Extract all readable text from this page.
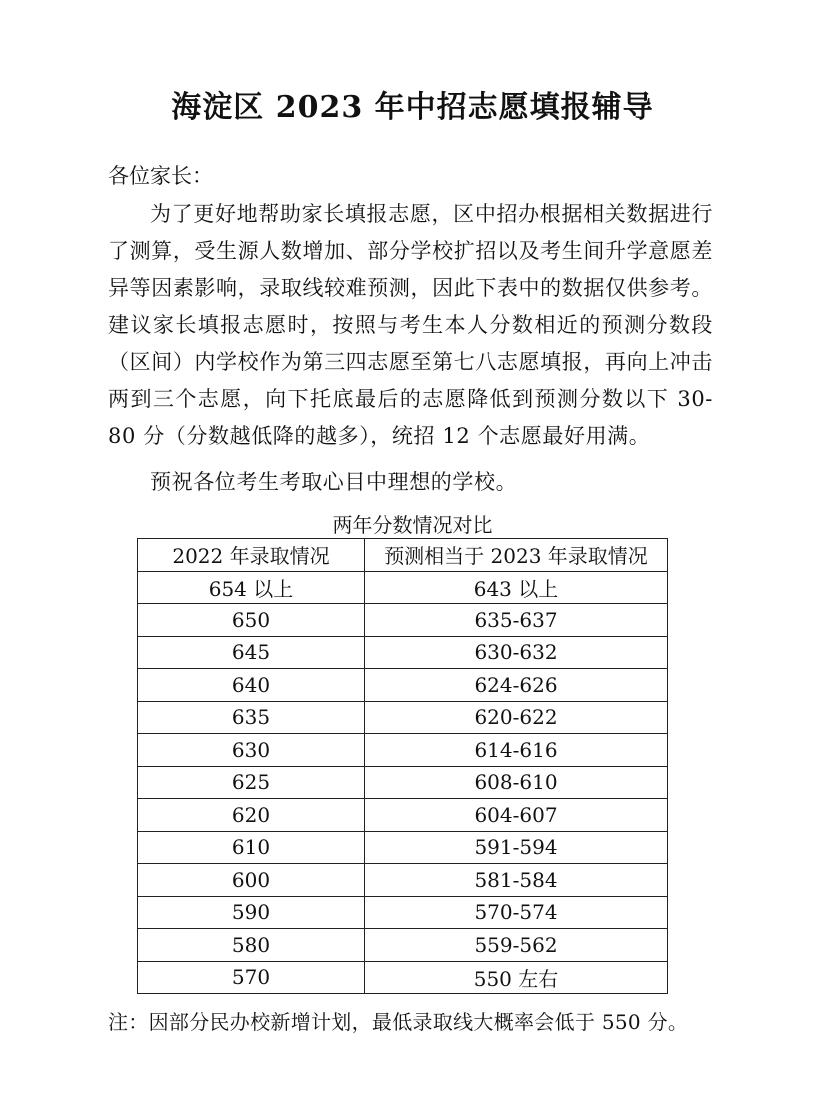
海淀区 2023 年中招志愿填报辅导
各位家长：

为了更好地帮助家长填报志愿，区中招办根据相关数据进行了测算，受生源人数增加、部分学校扩招以及考生间升学意愿差异等因素影响，录取线较难预测，因此下表中的数据仅供参考。建议家长填报志愿时，按照与考生本人分数相近的预测分数段（区间）内学校作为第三四志愿至第七八志愿填报，再向上冲击两到三个志愿，向下托底最后的志愿降低到预测分数以下 30-80 分（分数越低降的越多），统招 12 个志愿最好用满。

预祝各位考生考取心目中理想的学校。
两年分数情况对比
2022 年录取情况	预测相当于 2023 年录取情况
654 以上	643 以上
650	635-637
645	630-632
640	624-626
635	620-622
630	614-616
625	608-610
620	604-607
610	591-594
600	581-584
590	570-574
580	559-562
570	550 左右
注：因部分民办校新增计划，最低录取线大概率会低于 550 分。
